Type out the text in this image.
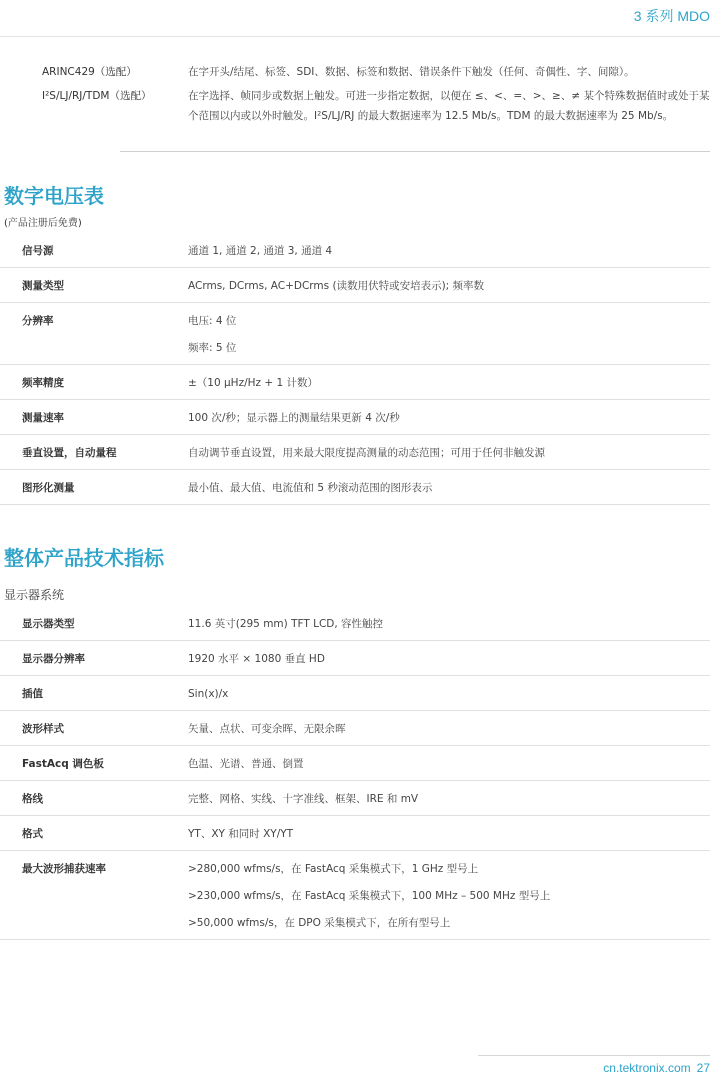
3 系列 MDO
ARINC429（选配）	在字开头/结尾、标签、SDI、数据、标签和数据、错误条件下触发（任何、奇偶性、字、间隙）。
I²S/LJ/RJ/TDM（选配）	在字选择、帧同步或数据上触发。可进一步指定数据，以便在 ≤、<、=、>、≥、≠ 某个特殊数据值时或处于某个范围以内或以外时触发。I²S/LJ/RJ 的最大数据速率为 12.5 Mb/s。TDM 的最大数据速率为 25 Mb/s。
数字电压表
(产品注册后免费)
信号源	通道 1, 通道 2, 通道 3, 通道 4
测量类型	ACrms, DCrms, AC+DCrms (读数用伏特或安培表示); 频率数
分辨率	电压: 4 位
频率: 5 位
频率精度	±（10 μHz/Hz + 1 计数）
测量速率	100 次/秒；显示器上的测量结果更新 4 次/秒
垂直设置，自动量程	自动调节垂直设置，用来最大限度提高测量的动态范围；可用于任何非触发源
图形化测量	最小值、最大值、电流值和 5 秒滚动范围的图形表示
整体产品技术指标
显示器系统
显示器类型	11.6 英寸(295 mm) TFT LCD, 容性触控
显示器分辨率	1920 水平 × 1080 垂直 HD
插值	Sin(x)/x
波形样式	矢量、点状、可变余晖、无限余晖
FastAcq 调色板	色温、光谱、普通、倒置
格线	完整、网格、实线、十字准线、框架、IRE 和 mV
格式	YT、XY 和同时 XY/YT
最大波形捕获速率	>280,000 wfms/s，在 FastAcq 采集模式下，1 GHz 型号上
>230,000 wfms/s，在 FastAcq 采集模式下，100 MHz – 500 MHz 型号上
>50,000 wfms/s，在 DPO 采集模式下，在所有型号上
cn.tektronix.com 27
